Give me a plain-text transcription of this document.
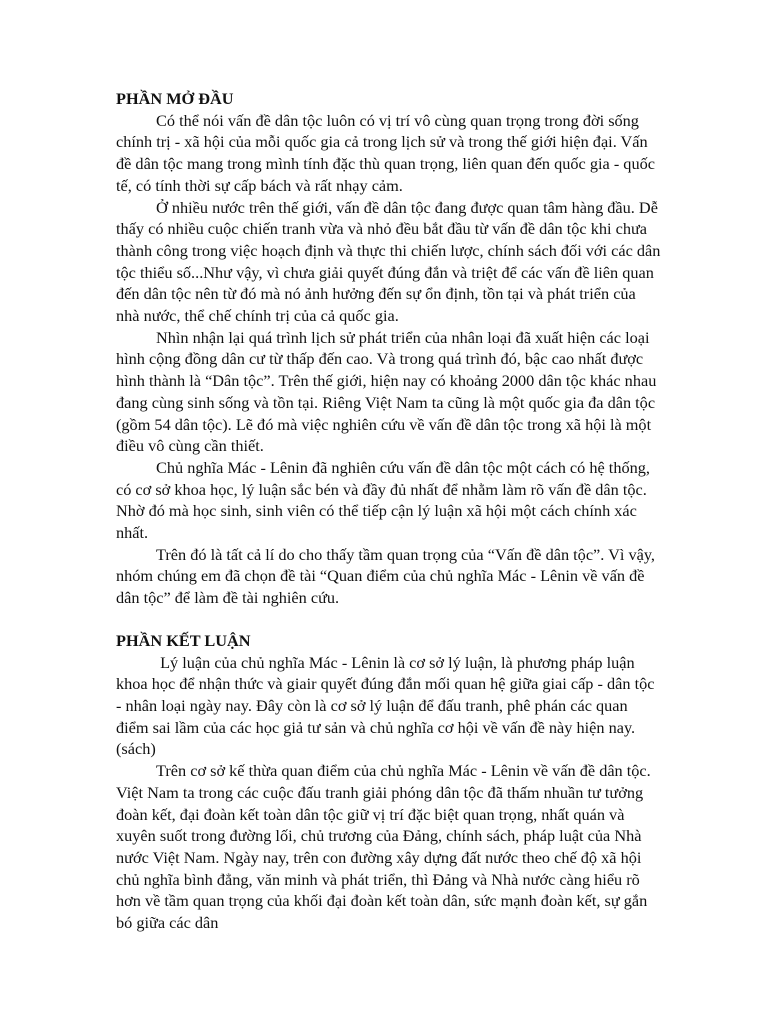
PHẦN MỞ ĐẦU

Có thể nói vấn đề dân tộc luôn có vị trí vô cùng quan trọng trong đời sống chính trị - xã hội của mỗi quốc gia cả trong lịch sử và trong thế giới hiện đại. Vấn đề dân tộc mang trong mình tính đặc thù quan trọng, liên quan đến quốc gia - quốc tế, có tính thời sự cấp bách và rất nhạy cảm.

Ở nhiều nước trên thế giới, vấn đề dân tộc đang được quan tâm hàng đầu. Dễ thấy có nhiều cuộc chiến tranh vừa và nhỏ đều bắt đầu từ vấn đề dân tộc khi chưa thành công trong việc hoạch định và thực thi chiến lược, chính sách đối với các dân tộc thiểu số...Như vậy, vì chưa giải quyết đúng đắn và triệt để các vấn đề liên quan đến dân tộc nên từ đó mà nó ảnh hưởng đến sự ổn định, tồn tại và phát triển của nhà nước, thể chế chính trị của cả quốc gia.

Nhìn nhận lại quá trình lịch sử phát triển của nhân loại đã xuất hiện các loại hình cộng đồng dân cư từ thấp đến cao. Và trong quá trình đó, bậc cao nhất được hình thành là “Dân tộc”. Trên thế giới, hiện nay có khoảng 2000 dân tộc khác nhau đang cùng sinh sống và tồn tại. Riêng Việt Nam ta cũng là một quốc gia đa dân tộc (gồm 54 dân tộc). Lẽ đó mà việc nghiên cứu về vấn đề dân tộc trong xã hội là một điều vô cùng cần thiết.

Chủ nghĩa Mác - Lênin đã nghiên cứu vấn đề dân tộc một cách có hệ thống, có cơ sở khoa học, lý luận sắc bén và đầy đủ nhất để nhằm làm rõ vấn đề dân tộc. Nhờ đó mà học sinh, sinh viên có thể tiếp cận lý luận xã hội một cách chính xác nhất.

Trên đó là tất cả lí do cho thấy tầm quan trọng của “Vấn đề dân tộc”. Vì vậy, nhóm chúng em đã chọn đề tài “Quan điểm của chủ nghĩa Mác - Lênin về vấn đề dân tộc” để làm đề tài nghiên cứu.

PHẦN KẾT LUẬN

Lý luận của chủ nghĩa Mác - Lênin là cơ sở lý luận, là phương pháp luận khoa học để nhận thức và giair quyết đúng đắn mối quan hệ giữa giai cấp - dân tộc - nhân loại ngày nay. Đây còn là cơ sở lý luận để đấu tranh, phê phán các quan điểm sai lầm của các học giả tư sản và chủ nghĩa cơ hội về vấn đề này hiện nay. (sách)

Trên cơ sở kế thừa quan điểm của chủ nghĩa Mác - Lênin về vấn đề dân tộc. Việt Nam ta trong các cuộc đấu tranh giải phóng dân tộc đã thấm nhuần tư tưởng đoàn kết, đại đoàn kết toàn dân tộc giữ vị trí đặc biệt quan trọng, nhất quán và xuyên suốt trong đường lối, chủ trương của Đảng, chính sách, pháp luật của Nhà nước Việt Nam. Ngày nay, trên con đường xây dựng đất nước theo chế độ xã hội chủ nghĩa bình đẳng, văn minh và phát triển, thì Đảng và Nhà nước càng hiểu rõ hơn về tầm quan trọng của khối đại đoàn kết toàn dân, sức mạnh đoàn kết, sự gắn bó giữa các dân
